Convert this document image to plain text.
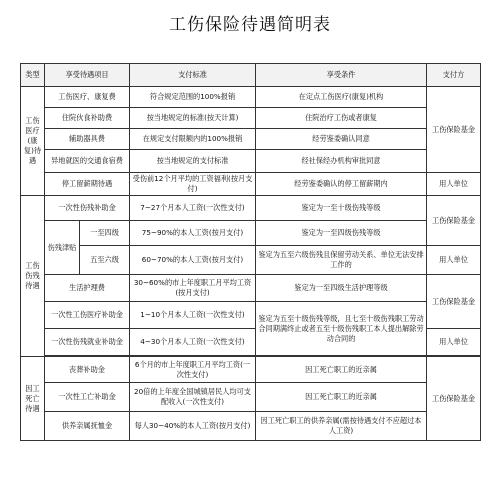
工伤保险待遇简明表
类型	享受待遇项目		支付标准	享受条件	支付方
工伤医疗(康复)待遇	工伤医疗、康复费		符合规定范围的100%报销	在定点工伤医疗(康复)机构	工伤保险基金
	住院伙食补助费		按当地规定的标准(按天计算)	住院治疗工伤或者康复	
	辅助器具费		在规定支付限额内的100%报销	经劳鉴委确认同意	
	异地就医的交通食宿费		按当地规定的支付标准	经社保经办机构审批同意	
	停工留薪期待遇		受伤前12个月平均的工资福利(按月支付)	经劳鉴委确认的停工留薪期内	用人单位
工伤伤残待遇	一次性伤残补助金		7~27个月本人工资(一次性支付)	鉴定为一至十级伤残等级	工伤保险基金
	伤残津贴	一至四级	75~90%的本人工资(按月支付)	鉴定为一至四级伤残等级	
		五至六级	60~70%的本人工资(按月支付)	鉴定为五至六级伤残且保留劳动关系、单位无法安排工作的	用人单位
	生活护理费		30~60%的市上年度职工月平均工资(按月支付)	鉴定为一至四级生活护理等级	工伤保险基金
	一次性工伤医疗补助金		1~10个月本人工资(一次性支付)	鉴定为五至十级伤残等级，且七至十级伤残职工劳动合同期满终止或者五至十级伤残职工本人提出解除劳动合同的	
	一次性伤残就业补助金		4~30个月本人工资(一次性支付)		用人单位

因工死亡待遇	丧葬补助金		6个月的市上年度职工月平均工资(一次性支付)	因工死亡职工的近亲属	工伤保险基金
	一次性工亡补助金		20倍的上年度全国城镇居民人均可支配收入(一次性支付)	因工死亡职工的近亲属	
	供养亲属抚恤金		每人30~40%的本人工资(按月支付)	因工死亡职工的供养亲属(需按待遇支付不应超过本人工资)	
